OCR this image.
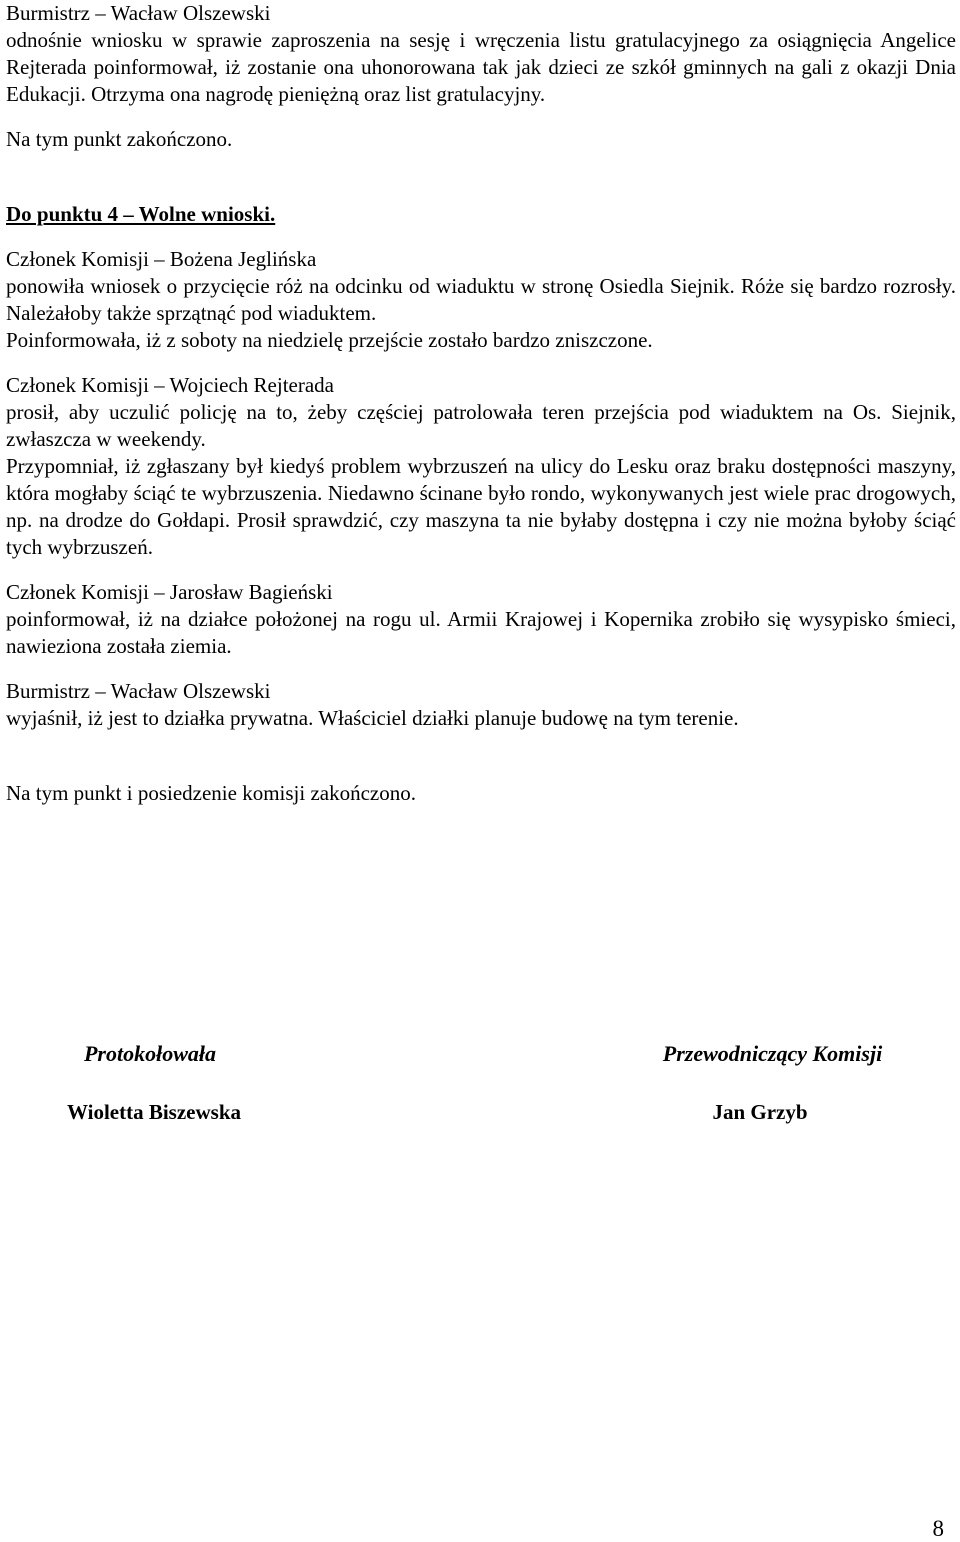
Burmistrz – Wacław Olszewski

odnośnie wniosku w sprawie zaproszenia na sesję i wręczenia listu gratulacyjnego za osiągnięcia Angelice Rejterada poinformował, iż zostanie ona uhonorowana tak jak dzieci ze szkół gminnych na gali z okazji Dnia Edukacji. Otrzyma ona nagrodę pieniężną oraz list gratulacyjny.

Na tym punkt zakończono.

Do punktu 4 – Wolne wnioski.

Członek Komisji – Bożena Jeglińska

ponowiła wniosek o przycięcie róż na odcinku od wiaduktu w stronę Osiedla Siejnik. Róże się bardzo rozrosły. Należałoby także sprzątnąć pod wiaduktem.

Poinformowała, iż z soboty na niedzielę przejście zostało bardzo zniszczone.

Członek Komisji – Wojciech Rejterada

prosił, aby uczulić policję na to, żeby częściej patrolowała teren przejścia pod wiaduktem na Os. Siejnik, zwłaszcza w weekendy.

Przypomniał, iż zgłaszany był kiedyś problem wybrzuszeń na ulicy do Lesku oraz braku dostępności maszyny, która mogłaby ściąć te wybrzuszenia. Niedawno ścinane było rondo, wykonywanych jest wiele prac drogowych, np. na drodze do Gołdapi. Prosił sprawdzić, czy maszyna ta nie byłaby dostępna i czy nie można byłoby ściąć tych wybrzuszeń.

Członek Komisji – Jarosław Bagieński

poinformował, iż na działce położonej na rogu ul. Armii Krajowej i Kopernika zrobiło się wysypisko śmieci, nawieziona została ziemia.

Burmistrz – Wacław Olszewski

wyjaśnił, iż jest to działka prywatna. Właściciel działki planuje budowę na tym terenie.

Na tym punkt i posiedzenie komisji zakończono.

Protokołowała
Wioletta Biszewska
Przewodniczący Komisji
Jan Grzyb
8
